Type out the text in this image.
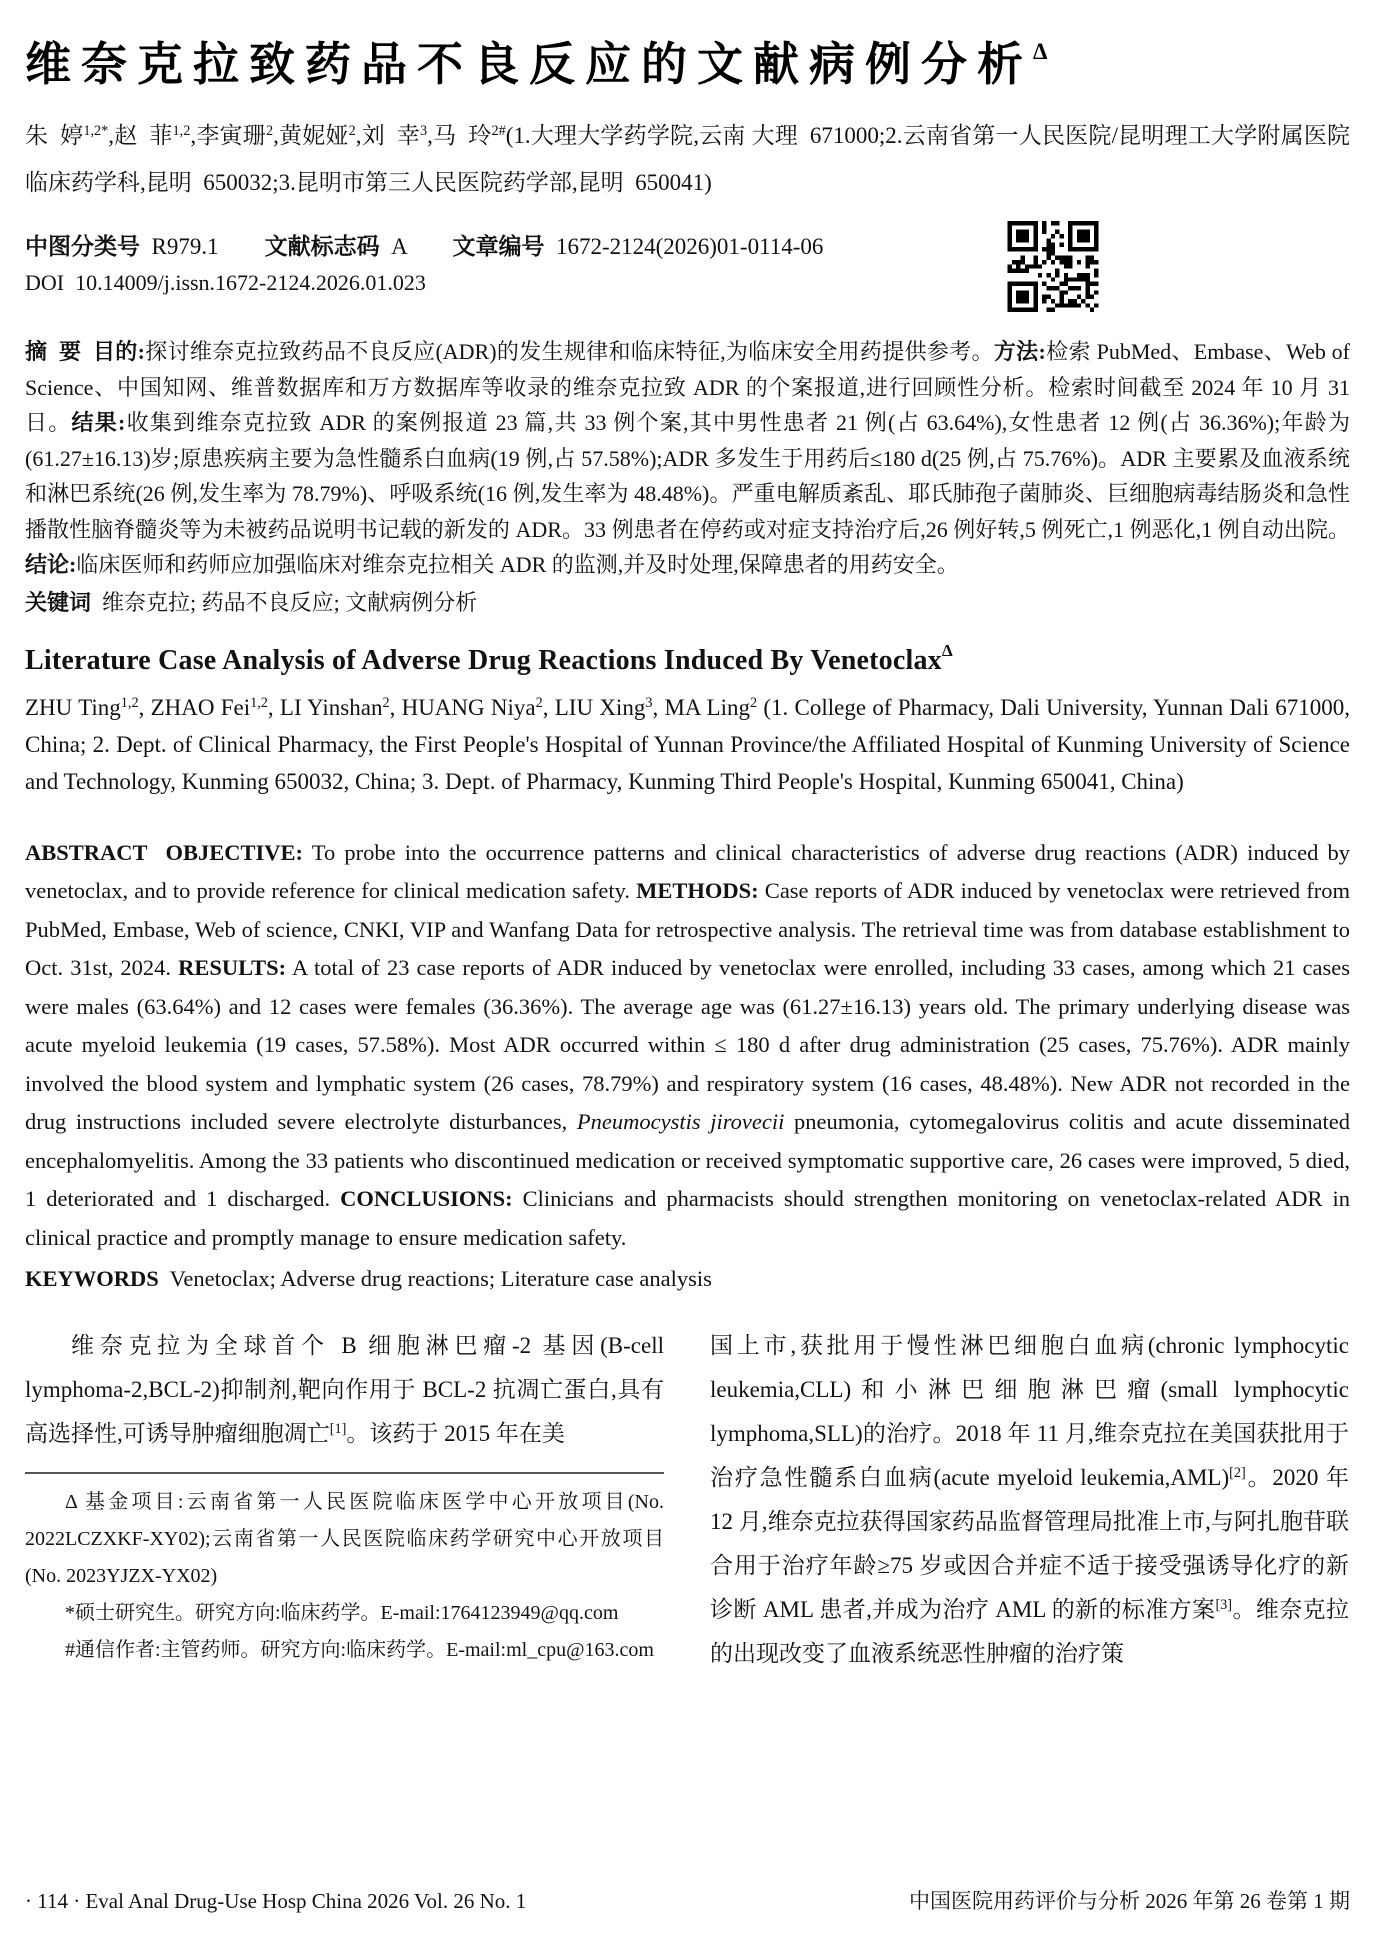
维奈克拉致药品不良反应的文献病例分析$^\Delta$
朱  婷$^{1,2*}$,赵  菲$^{1,2}$,李寅珊$^2$,黄妮娅$^2$,刘  幸$^3$,马  玲$^{2\#}$(1.大理大学药学院,云南 大理  671000;2.云南省第一人民医院/昆明理工大学附属医院临床药学科,昆明  650032;3.昆明市第三人民医院药学部,昆明  650041)
中图分类号  R979.1        文献标志码  A        文章编号  1672-2124(2026)01-0114-06
DOI  10.14009/j.issn.1672-2124.2026.01.023
摘  要  目的:探讨维奈克拉致药品不良反应(ADR)的发生规律和临床特征,为临床安全用药提供参考。方法:检索 PubMed、Embase、Web of Science、中国知网、维普数据库和万方数据库等收录的维奈克拉致 ADR 的个案报道,进行回顾性分析。检索时间截至 2024 年 10 月 31 日。结果:收集到维奈克拉致 ADR 的案例报道 23 篇,共 33 例个案,其中男性患者 21 例(占 63.64%),女性患者 12 例(占 36.36%);年龄为(61.27±16.13)岁;原患疾病主要为急性髓系白血病(19 例,占 57.58%);ADR 多发生于用药后≤180 d(25 例,占 75.76%)。ADR 主要累及血液系统和淋巴系统(26 例,发生率为 78.79%)、呼吸系统(16 例,发生率为 48.48%)。严重电解质紊乱、耶氏肺孢子菌肺炎、巨细胞病毒结肠炎和急性播散性脑脊髓炎等为未被药品说明书记载的新发的 ADR。33 例患者在停药或对症支持治疗后,26 例好转,5 例死亡,1 例恶化,1 例自动出院。结论:临床医师和药师应加强临床对维奈克拉相关 ADR 的监测,并及时处理,保障患者的用药安全。
关键词  维奈克拉; 药品不良反应; 文献病例分析
Literature Case Analysis of Adverse Drug Reactions Induced By Venetoclax$^\Delta$
ZHU Ting$^{1,2}$, ZHAO Fei$^{1,2}$, LI Yinshan$^2$, HUANG Niya$^2$, LIU Xing$^3$, MA Ling$^2$ (1. College of Pharmacy, Dali University, Yunnan Dali 671000, China; 2. Dept. of Clinical Pharmacy, the First People's Hospital of Yunnan Province/the Affiliated Hospital of Kunming University of Science and Technology, Kunming 650032, China; 3. Dept. of Pharmacy, Kunming Third People's Hospital, Kunming 650041, China)
ABSTRACT  OBJECTIVE: To probe into the occurrence patterns and clinical characteristics of adverse drug reactions (ADR) induced by venetoclax, and to provide reference for clinical medication safety. METHODS: Case reports of ADR induced by venetoclax were retrieved from PubMed, Embase, Web of science, CNKI, VIP and Wanfang Data for retrospective analysis. The retrieval time was from database establishment to Oct. 31st, 2024. RESULTS: A total of 23 case reports of ADR induced by venetoclax were enrolled, including 33 cases, among which 21 cases were males (63.64%) and 12 cases were females (36.36%). The average age was (61.27±16.13) years old. The primary underlying disease was acute myeloid leukemia (19 cases, 57.58%). Most ADR occurred within ≤ 180 d after drug administration (25 cases, 75.76%). ADR mainly involved the blood system and lymphatic system (26 cases, 78.79%) and respiratory system (16 cases, 48.48%). New ADR not recorded in the drug instructions included severe electrolyte disturbances, Pneumocystis jirovecii pneumonia, cytomegalovirus colitis and acute disseminated encephalomyelitis. Among the 33 patients who discontinued medication or received symptomatic supportive care, 26 cases were improved, 5 died, 1 deteriorated and 1 discharged. CONCLUSIONS: Clinicians and pharmacists should strengthen monitoring on venetoclax-related ADR in clinical practice and promptly manage to ensure medication safety.
KEYWORDS  Venetoclax; Adverse drug reactions; Literature case analysis

维奈克拉为全球首个 B 细胞淋巴瘤-2 基因(B-cell lymphoma-2,BCL-2)抑制剂,靶向作用于 BCL-2 抗凋亡蛋白,具有高选择性,可诱导肿瘤细胞凋亡[1]。该药于 2015 年在美

Δ 基金项目:云南省第一人民医院临床医学中心开放项目(No. 2022LCZXKF-XY02);云南省第一人民医院临床药学研究中心开放项目(No. 2023YJZX-YX02)

*硕士研究生。研究方向:临床药学。E-mail:1764123949@qq.com

#通信作者:主管药师。研究方向:临床药学。E-mail:ml_cpu@163.com

国上市,获批用于慢性淋巴细胞白血病(chronic lymphocytic leukemia,CLL)和小淋巴细胞淋巴瘤(small lymphocytic lymphoma,SLL)的治疗。2018 年 11 月,维奈克拉在美国获批用于治疗急性髓系白血病(acute myeloid leukemia,AML)[2]。2020 年 12 月,维奈克拉获得国家药品监督管理局批准上市,与阿扎胞苷联合用于治疗年龄≥75 岁或因合并症不适于接受强诱导化疗的新诊断 AML 患者,并成为治疗 AML 的新的标准方案[3]。维奈克拉的出现改变了血液系统恶性肿瘤的治疗策

· 114 · Eval Anal Drug-Use Hosp China 2026 Vol. 26 No. 1	中国医院用药评价与分析 2026 年第 26 卷第 1 期
